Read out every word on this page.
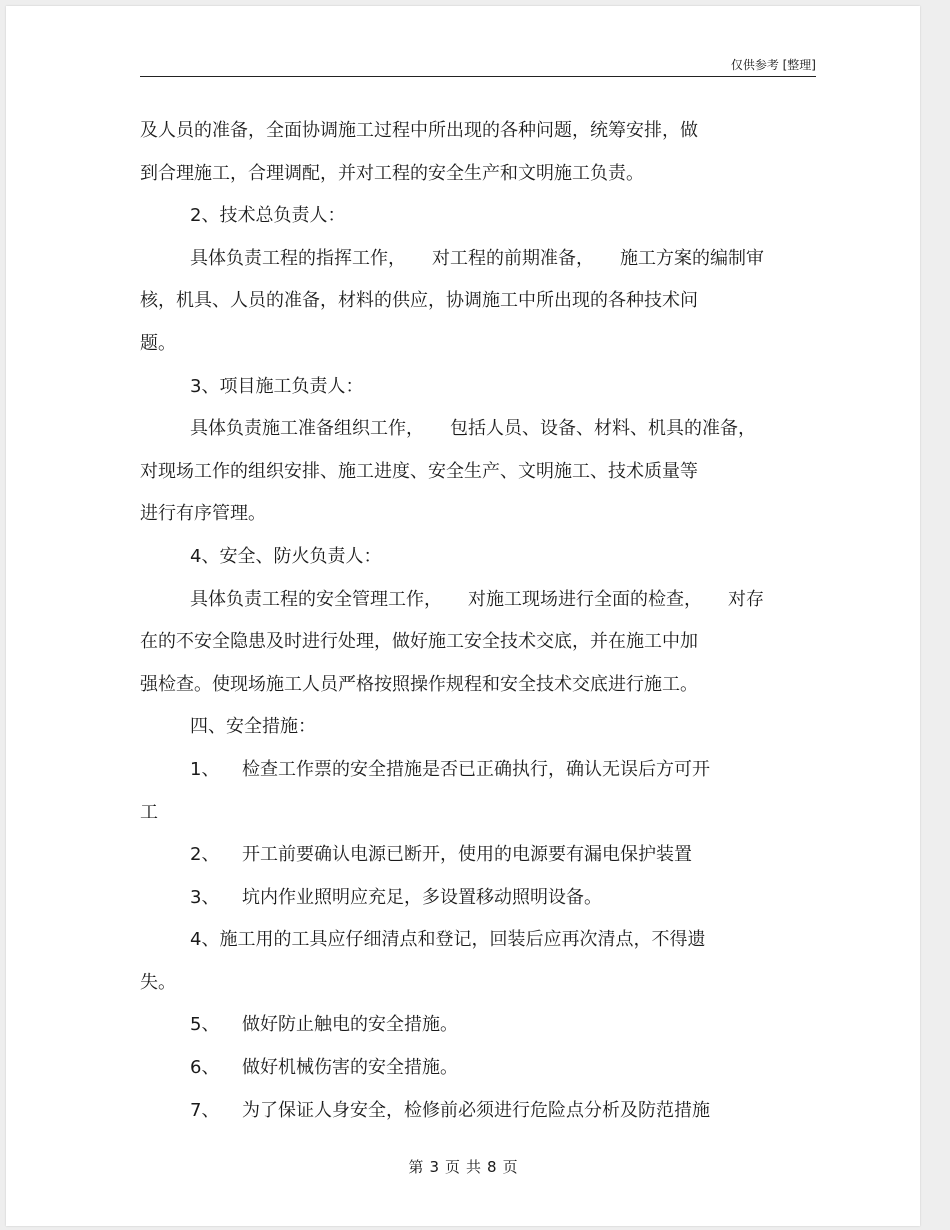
仅供参考 [整理]
及人员的准备，全面协调施工过程中所出现的各种问题，统筹安排，做
到合理施工，合理调配，并对工程的安全生产和文明施工负责。
2、技术总负责人：
具体负责工程的指挥工作， 对工程的前期准备， 施工方案的编制审
核，机具、人员的准备，材料的供应，协调施工中所出现的各种技术问
题。
3、项目施工负责人：
具体负责施工准备组织工作， 包括人员、设备、材料、机具的准备，
对现场工作的组织安排、施工进度、安全生产、文明施工、技术质量等
进行有序管理。
4、安全、防火负责人：
具体负责工程的安全管理工作， 对施工现场进行全面的检查， 对存
在的不安全隐患及时进行处理，做好施工安全技术交底，并在施工中加
强检查。使现场施工人员严格按照操作规程和安全技术交底进行施工。
四、安全措施：
1、 检查工作票的安全措施是否已正确执行，确认无误后方可开
工
2、 开工前要确认电源已断开，使用的电源要有漏电保护装置
3、 坑内作业照明应充足，多设置移动照明设备。
4、施工用的工具应仔细清点和登记，回装后应再次清点，不得遗
失。
5、 做好防止触电的安全措施。
6、 做好机械伤害的安全措施。
7、 为了保证人身安全，检修前必须进行危险点分析及防范措施
第 3 页 共 8 页
